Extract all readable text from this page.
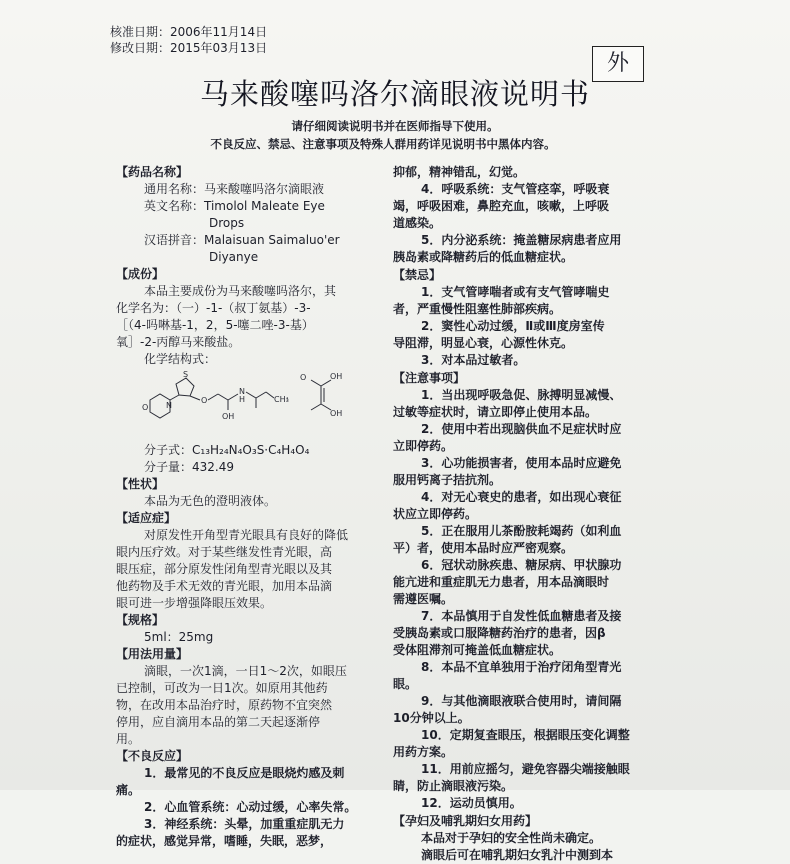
核准日期：2006年11月14日
修改日期：2015年03月13日
外
马来酸噻吗洛尔滴眼液说明书
请仔细阅读说明书并在医师指导下使用。
不良反应、禁忌、注意事项及特殊人群用药详见说明书中黑体内容。
【药品名称】
通用名称：马来酸噻吗洛尔滴眼液
英文名称：Timolol Maleate Eye
Drops
汉语拼音：Malaisuan Saimaluo'er
Diyanye
【成份】
本品主要成份为马来酸噻吗洛尔，其
化学名为：（一）-1-（叔丁氨基）-3-
［（4-吗啉基-1，2，5-噻二唑-3-基）
氧］-2-丙醇马来酸盐。
化学结构式：
O N
S
O
N
H
OH
CH₃
，
O	OH
OH
分子式：C₁₃H₂₄N₄O₃S·C₄H₄O₄
分子量：432.49
【性状】
本品为无色的澄明液体。
【适应症】
对原发性开角型青光眼具有良好的降低
眼内压疗效。对于某些继发性青光眼，高
眼压症，部分原发性闭角型青光眼以及其
他药物及手术无效的青光眼，加用本品滴
眼可进一步增强降眼压效果。
【规格】
5ml：25mg
【用法用量】
滴眼，一次1滴，一日1～2次，如眼压
已控制，可改为一日1次。如原用其他药
物，在改用本品治疗时，原药物不宜突然
停用，应自滴用本品的第二天起逐渐停
用。
【不良反应】
1．最常见的不良反应是眼烧灼感及刺
痛。
2．心血管系统：心动过缓，心率失常。
3．神经系统：头晕，加重重症肌无力
的症状，感觉异常，嗜睡，失眠，恶梦，
抑郁，精神错乱，幻觉。
4．呼吸系统：支气管痉挛，呼吸衰
竭，呼吸困难，鼻腔充血，咳嗽，上呼吸
道感染。
5．内分泌系统：掩盖糖尿病患者应用
胰岛素或降糖药后的低血糖症状。
【禁忌】
1．支气管哮喘者或有支气管哮喘史
者，严重慢性阻塞性肺部疾病。
2．窦性心动过缓，Ⅱ或Ⅲ度房室传
导阻滞，明显心衰，心源性休克。
3．对本品过敏者。
【注意事项】
1．当出现呼吸急促、脉搏明显减慢、
过敏等症状时，请立即停止使用本品。
2．使用中若出现脑供血不足症状时应
立即停药。
3．心功能损害者，使用本品时应避免
服用钙离子拮抗剂。
4．对无心衰史的患者，如出现心衰征
状应立即停药。
5．正在服用儿茶酚胺耗竭药（如利血
平）者，使用本品时应严密观察。
6．冠状动脉疾患、糖尿病、甲状腺功
能亢进和重症肌无力患者，用本品滴眼时
需遵医嘱。
7．本品慎用于自发性低血糖患者及接
受胰岛素或口服降糖药治疗的患者，因β
受体阻滞剂可掩盖低血糖症状。
8．本品不宜单独用于治疗闭角型青光
眼。
9．与其他滴眼液联合使用时，请间隔
10分钟以上。
10．定期复查眼压，根据眼压变化调整
用药方案。
11．用前应摇匀，避免容器尖端接触眼
睛，防止滴眼液污染。
12．运动员慎用。
【孕妇及哺乳期妇女用药】
本品对于孕妇的安全性尚未确定。
滴眼后可在哺乳期妇女乳汁中测到本
